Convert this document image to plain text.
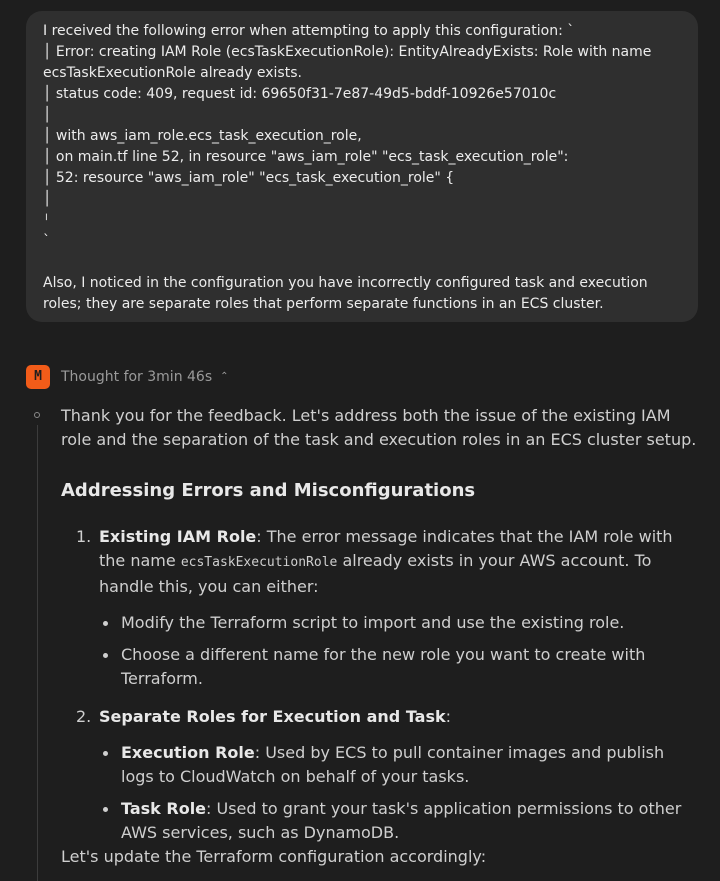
I received the following error when attempting to apply this configuration: `
│ Error: creating IAM Role (ecsTaskExecutionRole): EntityAlreadyExists: Role with name ecsTaskExecutionRole already exists.
│ status code: 409, request id: 69650f31-7e87-49d5-bddf-10926e57010c
│
│ with aws_iam_role.ecs_task_execution_role,
│ on main.tf line 52, in resource "aws_iam_role" "ecs_task_execution_role":
│ 52: resource "aws_iam_role" "ecs_task_execution_role" {
│
╵
`
Also, I noticed in the configuration you have incorrectly configured task and execution roles; they are separate roles that perform separate functions in an ECS cluster.
M Thought for 3min 46s ⌃

Thank you for the feedback. Let's address both the issue of the existing IAM role and the separation of the task and execution roles in an ECS cluster setup.

Addressing Errors and Misconfigurations
1. Existing IAM Role: The error message indicates that the IAM role with the name ecsTaskExecutionRole already exists in your AWS account. To handle this, you can either:
Modify the Terraform script to import and use the existing role.
Choose a different name for the new role you want to create with Terraform.
2. Separate Roles for Execution and Task:
Execution Role: Used by ECS to pull container images and publish logs to CloudWatch on behalf of your tasks.
Task Role: Used to grant your task's application permissions to other AWS services, such as DynamoDB.

Let's update the Terraform configuration accordingly:
